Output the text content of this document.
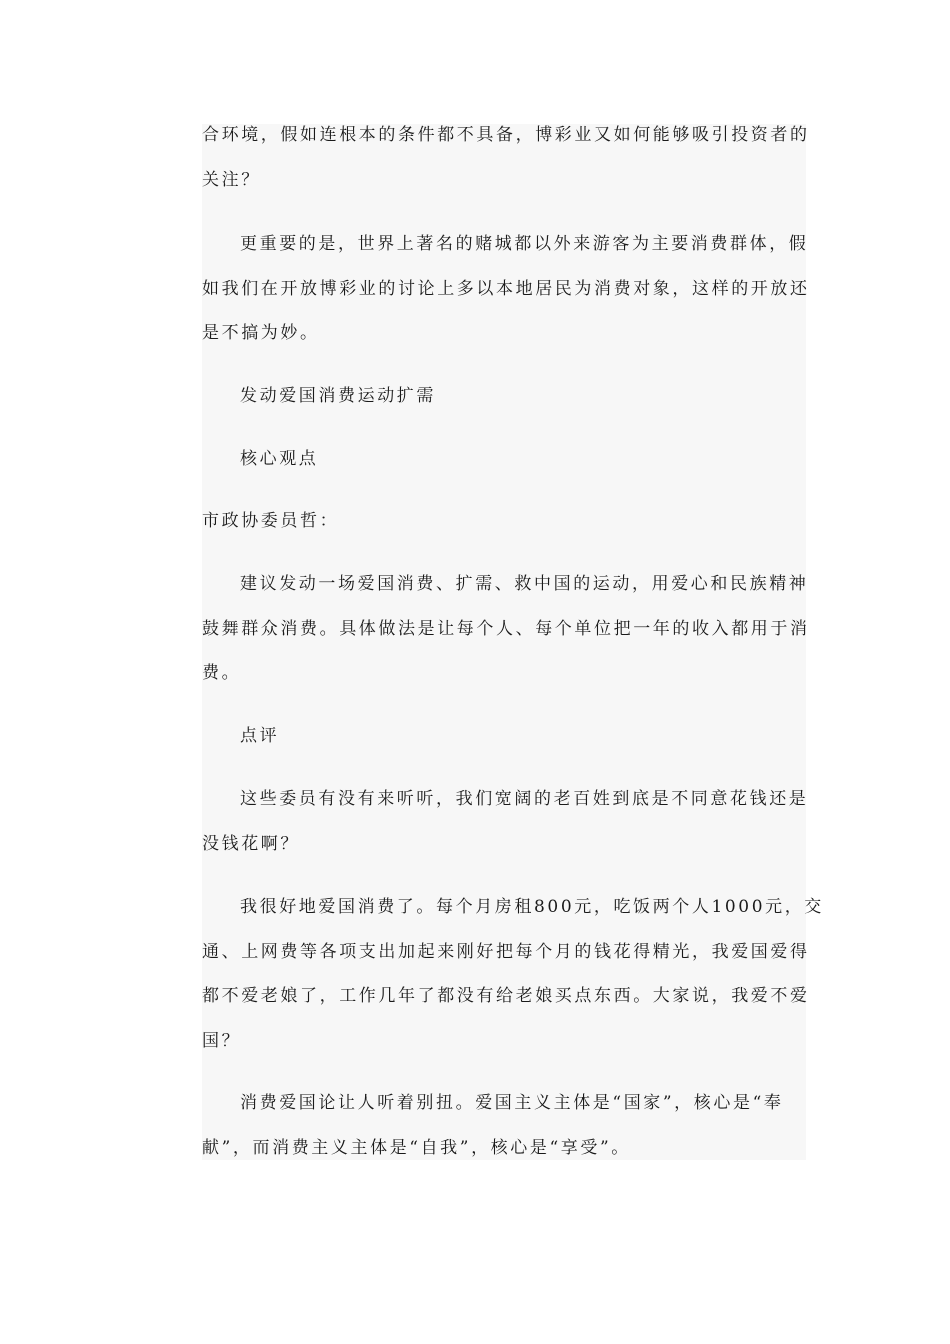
合环境，假如连根本的条件都不具备，博彩业又如何能够吸引投资者的
关注？

更重要的是，世界上著名的赌城都以外来游客为主要消费群体，假
如我们在开放博彩业的讨论上多以本地居民为消费对象，这样的开放还
是不搞为妙。

发动爱国消费运动扩需

核心观点

市政协委员哲：

建议发动一场爱国消费、扩需、救中国的运动，用爱心和民族精神
鼓舞群众消费。具体做法是让每个人、每个单位把一年的收入都用于消
费。

点评

这些委员有没有来听听，我们宽阔的老百姓到底是不同意花钱还是
没钱花啊？

我很好地爱国消费了。每个月房租800元，吃饭两个人1000元，交
通、上网费等各项支出加起来刚好把每个月的钱花得精光，我爱国爱得
都不爱老娘了，工作几年了都没有给老娘买点东西。大家说，我爱不爱
国？

消费爱国论让人听着别扭。爱国主义主体是“国家”，核心是“奉
献”，而消费主义主体是“自我”，核心是“享受”。
